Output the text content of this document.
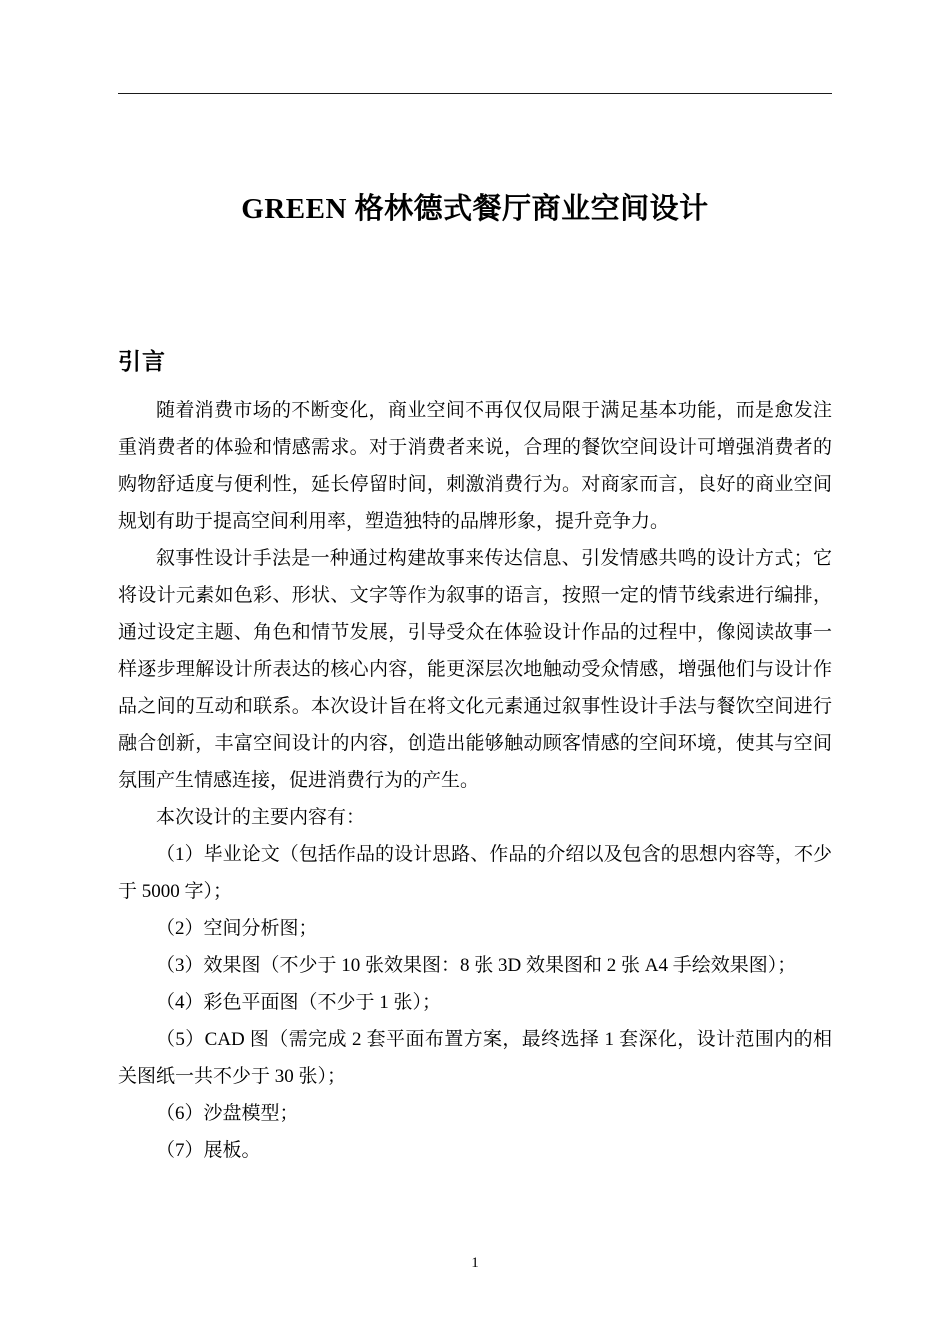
GREEN 格林德式餐厅商业空间设计
引言

随着消费市场的不断变化，商业空间不再仅仅局限于满足基本功能，而是愈发注重消费者的体验和情感需求。对于消费者来说，合理的餐饮空间设计可增强消费者的购物舒适度与便利性，延长停留时间，刺激消费行为。对商家而言，良好的商业空间规划有助于提高空间利用率，塑造独特的品牌形象，提升竞争力。

叙事性设计手法是一种通过构建故事来传达信息、引发情感共鸣的设计方式；它将设计元素如色彩、形状、文字等作为叙事的语言，按照一定的情节线索进行编排，通过设定主题、角色和情节发展，引导受众在体验设计作品的过程中，像阅读故事一样逐步理解设计所表达的核心内容，能更深层次地触动受众情感，增强他们与设计作品之间的互动和联系。本次设计旨在将文化元素通过叙事性设计手法与餐饮空间进行融合创新，丰富空间设计的内容，创造出能够触动顾客情感的空间环境，使其与空间氛围产生情感连接，促进消费行为的产生。

本次设计的主要内容有：

（1）毕业论文（包括作品的设计思路、作品的介绍以及包含的思想内容等，不少于 5000 字）；

（2）空间分析图；

（3）效果图（不少于 10 张效果图：8 张 3D 效果图和 2 张 A4 手绘效果图）；

（4）彩色平面图（不少于 1 张）；

（5）CAD 图（需完成 2 套平面布置方案，最终选择 1 套深化，设计范围内的相关图纸一共不少于 30 张）；

（6）沙盘模型；

（7）展板。

1
